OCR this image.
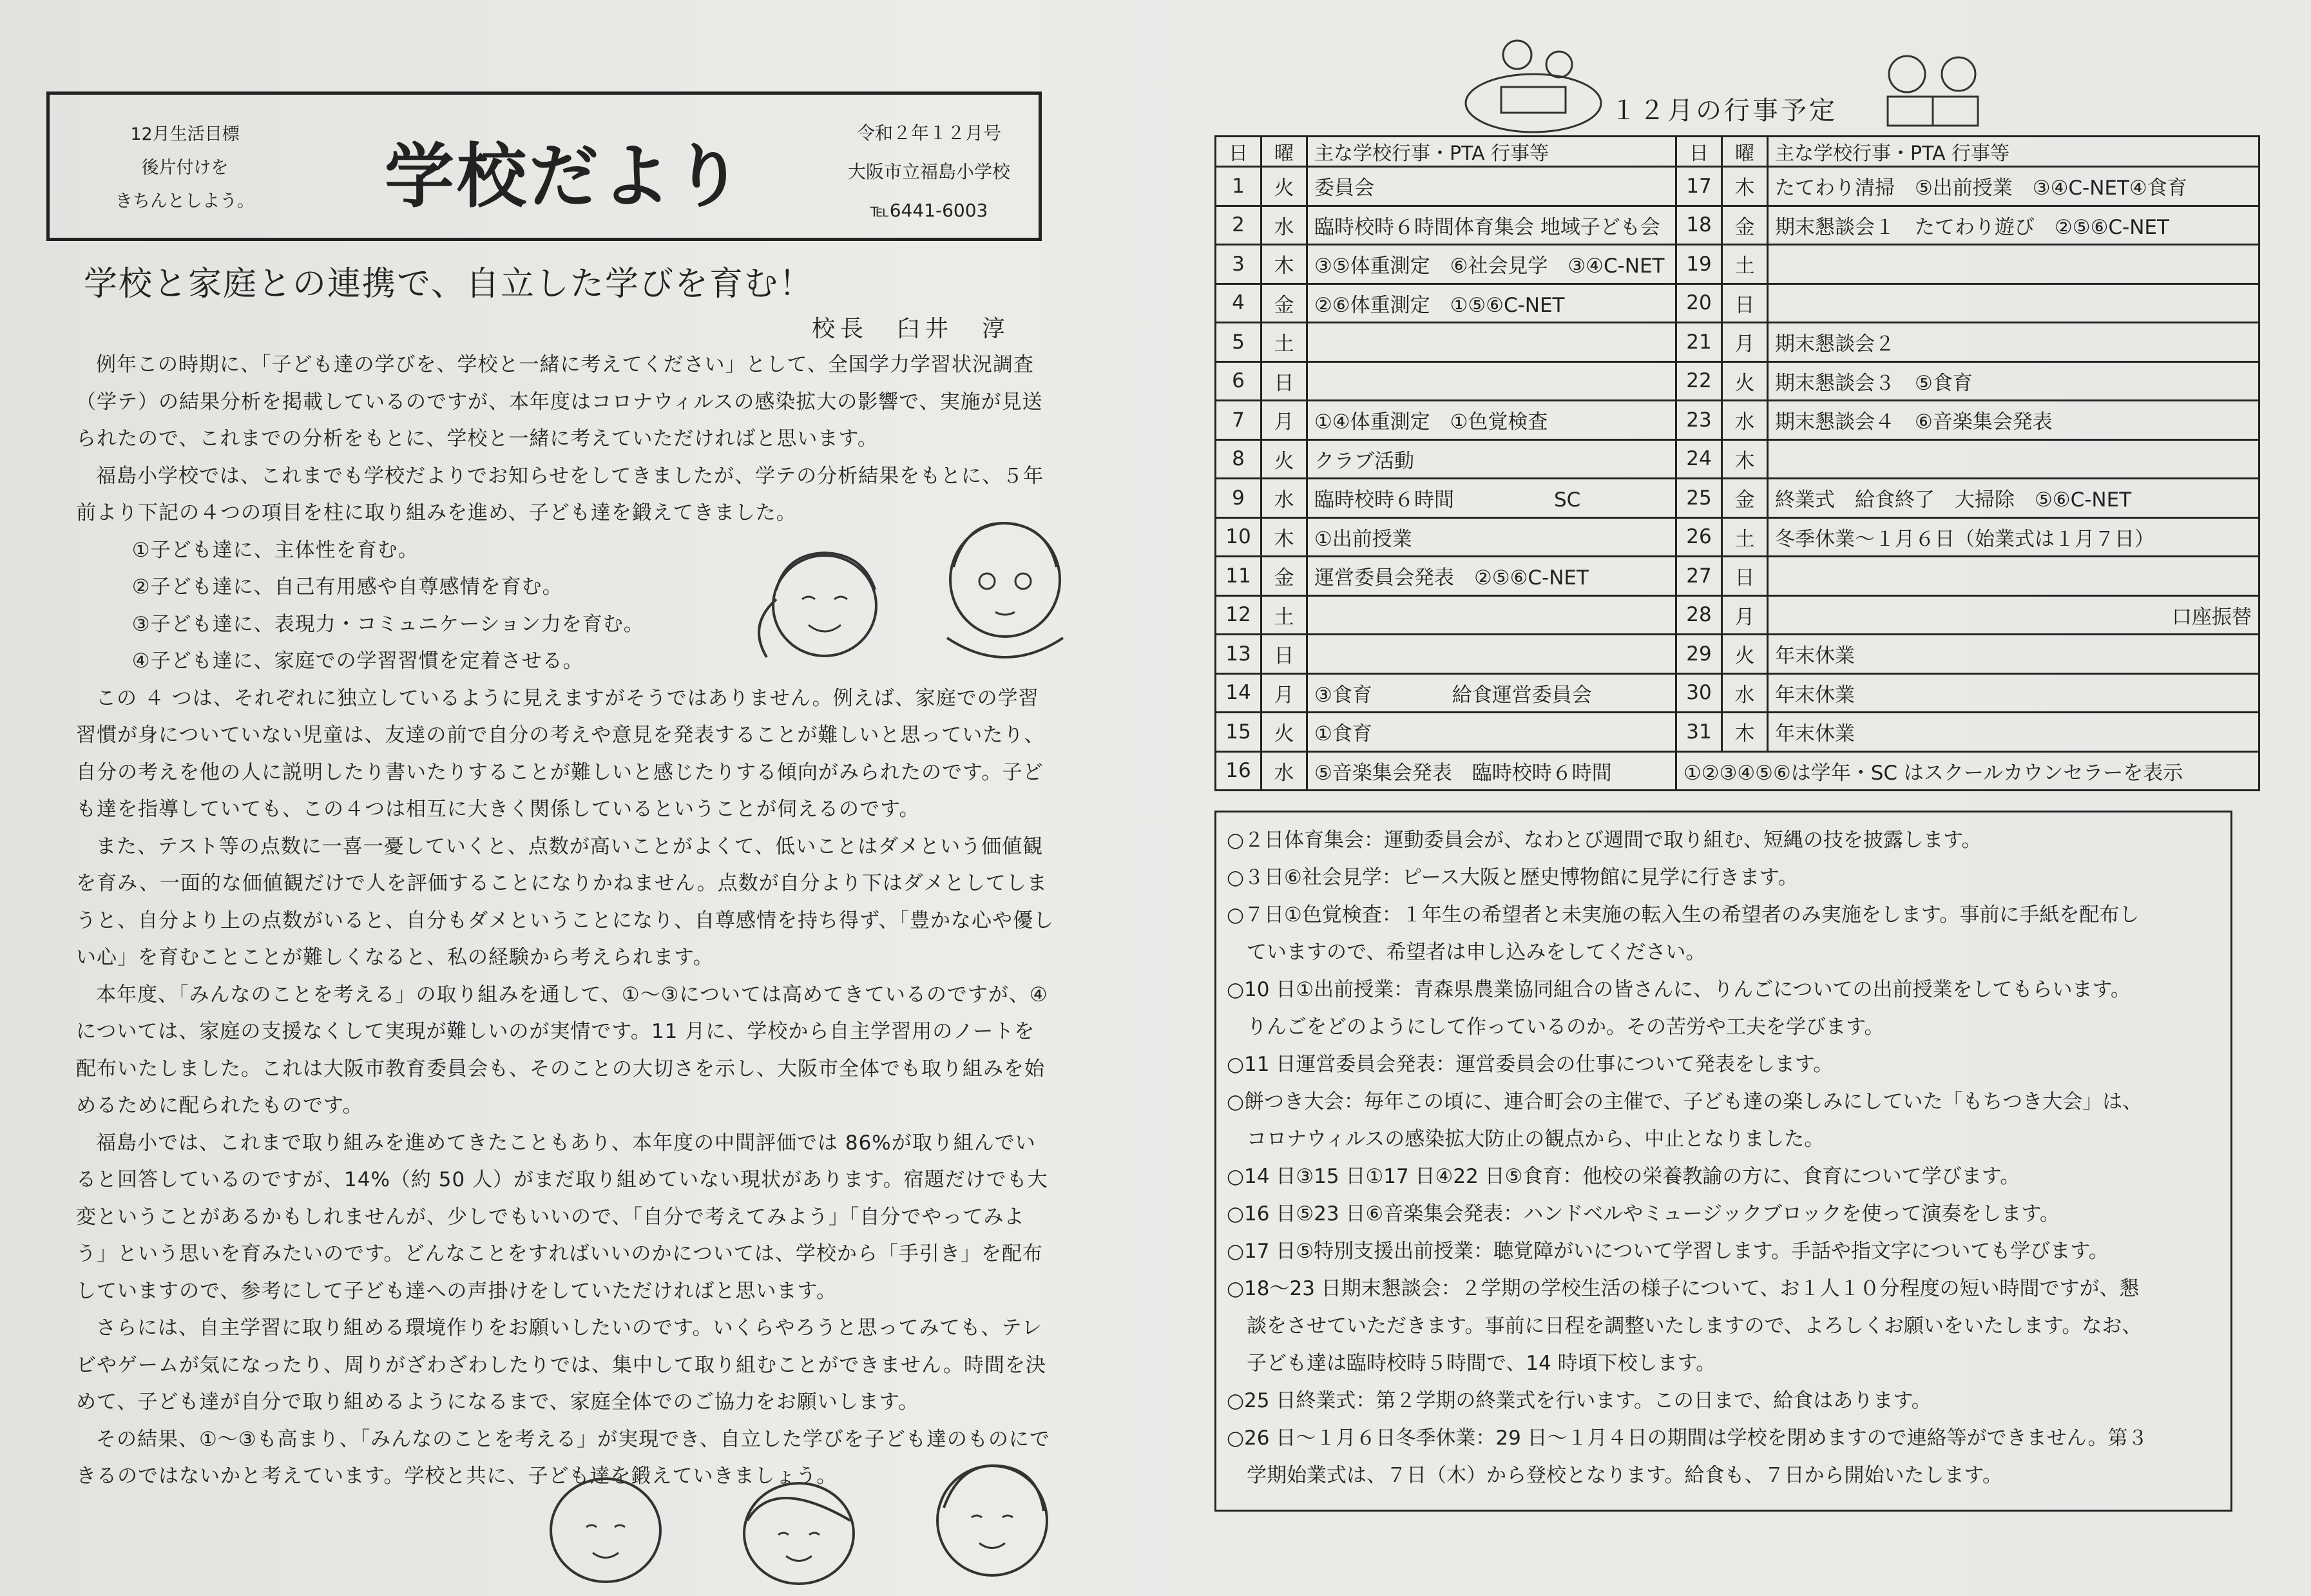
12月生活目標
後片付けを
きちんとしよう。	学校だより
令和２年１２月号
大阪市立福島小学校
℡6441-6003
学校と家庭との連携で、自立した学びを育む！
校長　臼井　淳

例年この時期に、「子ども達の学びを、学校と一緒に考えてください」として、全国学力学習状況調査（学テ）の結果分析を掲載しているのですが、本年度はコロナウィルスの感染拡大の影響で、実施が見送られたので、これまでの分析をもとに、学校と一緒に考えていただければと思います。

福島小学校では、これまでも学校だよりでお知らせをしてきましたが、学テの分析結果をもとに、５年前より下記の４つの項目を柱に取り組みを進め、子ども達を鍛えてきました。

①子ども達に、主体性を育む。

②子ども達に、自己有用感や自尊感情を育む。

③子ども達に、表現力・コミュニケーション力を育む。

④子ども達に、家庭での学習習慣を定着させる。

この ４ つは、それぞれに独立しているように見えますがそうではありません。例えば、家庭での学習習慣が身についていない児童は、友達の前で自分の考えや意見を発表することが難しいと思っていたり、自分の考えを他の人に説明したり書いたりすることが難しいと感じたりする傾向がみられたのです。子ども達を指導していても、この４つは相互に大きく関係しているということが伺えるのです。

また、テスト等の点数に一喜一憂していくと、点数が高いことがよくて、低いことはダメという価値観を育み、一面的な価値観だけで人を評価することになりかねません。点数が自分より下はダメとしてしまうと、自分より上の点数がいると、自分もダメということになり、自尊感情を持ち得ず、「豊かな心や優しい心」を育むことことが難しくなると、私の経験から考えられます。

本年度、「みんなのことを考える」の取り組みを通して、①～③については高めてきているのですが、④については、家庭の支援なくして実現が難しいのが実情です。11 月に、学校から自主学習用のノートを配布いたしました。これは大阪市教育委員会も、そのことの大切さを示し、大阪市全体でも取り組みを始めるために配られたものです。

福島小では、これまで取り組みを進めてきたこともあり、本年度の中間評価では 86%が取り組んでいると回答しているのですが、14%（約 50 人）がまだ取り組めていない現状があります。宿題だけでも大変ということがあるかもしれませんが、少しでもいいので、「自分で考えてみよう」「自分でやってみよう」という思いを育みたいのです。どんなことをすればいいのかについては、学校から「手引き」を配布していますので、参考にして子ども達への声掛けをしていただければと思います。

さらには、自主学習に取り組める環境作りをお願いしたいのです。いくらやろうと思ってみても、テレビやゲームが気になったり、周りがざわざわしたりでは、集中して取り組むことができません。時間を決めて、子ども達が自分で取り組めるようになるまで、家庭全体でのご協力をお願いします。

その結果、①～③も高まり、「みんなのことを考える」が実現でき、自立した学びを子ども達のものにできるのではないかと考えています。学校と共に、子ども達を鍛えていきましょう。

１２月の行事予定
日	曜	主な学校行事・PTA 行事等	日	曜	主な学校行事・PTA 行事等
1	火	委員会	17	木	たてわり清掃　⑤出前授業　③④C-NET④食育
2	水	臨時校時６時間体育集会 地域子ども会	18	金	期末懇談会１　たてわり遊び　②⑤⑥C-NET
3	木	③⑤体重測定　⑥社会見学　③④C-NET	19	土	
4	金	②⑥体重測定　①⑤⑥C-NET	20	日	
5	土		21	月	期末懇談会２
6	日		22	火	期末懇談会３　⑤食育
7	月	①④体重測定　①色覚検査	23	水	期末懇談会４　⑥音楽集会発表
8	火	クラブ活動	24	木	
9	水	臨時校時６時間　　　　　SC	25	金	終業式　給食終了　大掃除　⑤⑥C-NET
10	木	①出前授業	26	土	冬季休業～１月６日（始業式は１月７日）
11	金	運営委員会発表　②⑤⑥C-NET	27	日	
12	土		28	月	口座振替
13	日		29	火	年末休業
14	月	③食育　　　　給食運営委員会	30	水	年末休業
15	火	①食育	31	木	年末休業
16	水	⑤音楽集会発表　臨時校時６時間	①②③④⑤⑥は学年・SC はスクールカウンセラーを表示		

○２日体育集会：運動委員会が、なわとび週間で取り組む、短縄の技を披露します。

○３日⑥社会見学：ピース大阪と歴史博物館に見学に行きます。

○７日①色覚検査：１年生の希望者と未実施の転入生の希望者のみ実施をします。事前に手紙を配布し

　ていますので、希望者は申し込みをしてください。

○10 日①出前授業：青森県農業協同組合の皆さんに、りんごについての出前授業をしてもらいます。

　りんごをどのようにして作っているのか。その苦労や工夫を学びます。

○11 日運営委員会発表：運営委員会の仕事について発表をします。

○餅つき大会：毎年この頃に、連合町会の主催で、子ども達の楽しみにしていた「もちつき大会」は、

　コロナウィルスの感染拡大防止の観点から、中止となりました。

○14 日③15 日①17 日④22 日⑤食育：他校の栄養教諭の方に、食育について学びます。

○16 日⑤23 日⑥音楽集会発表：ハンドベルやミュージックブロックを使って演奏をします。

○17 日⑤特別支援出前授業：聴覚障がいについて学習します。手話や指文字についても学びます。

○18～23 日期末懇談会：２学期の学校生活の様子について、お１人１０分程度の短い時間ですが、懇

　談をさせていただきます。事前に日程を調整いたしますので、よろしくお願いをいたします。なお、

　子ども達は臨時校時５時間で、14 時頃下校します。

○25 日終業式：第２学期の終業式を行います。この日まで、給食はあります。

○26 日～１月６日冬季休業：29 日～１月４日の期間は学校を閉めますので連絡等ができません。第３

　学期始業式は、７日（木）から登校となります。給食も、７日から開始いたします。
